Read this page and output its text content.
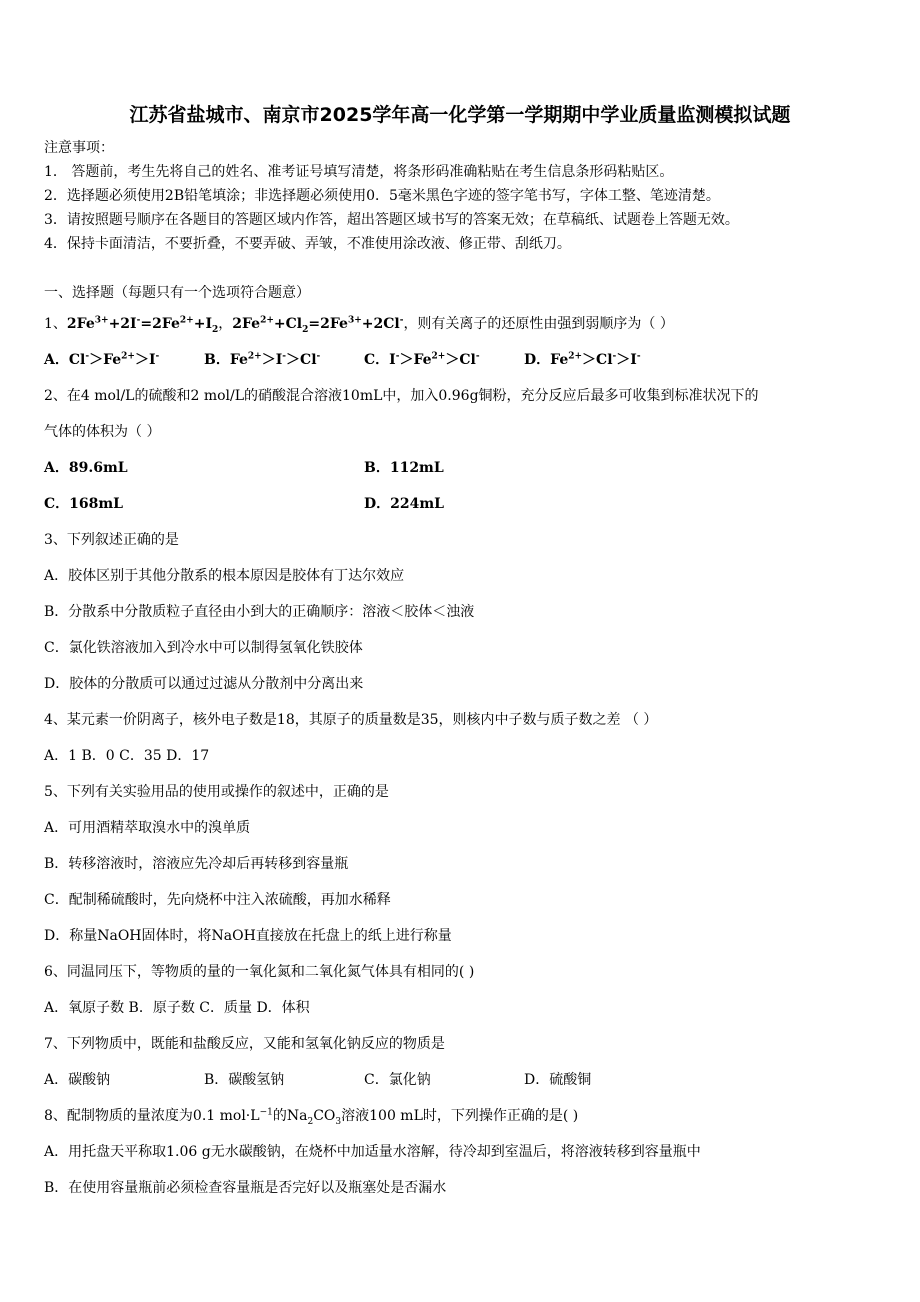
江苏省盐城市、南京市2025学年高一化学第一学期期中学业质量监测模拟试题
注意事项：
1． 答题前，考生先将自己的姓名、准考证号填写清楚，将条形码准确粘贴在考生信息条形码粘贴区。
2．选择题必须使用2B铅笔填涂；非选择题必须使用0．5毫米黑色字迹的签字笔书写，字体工整、笔迹清楚。
3．请按照题号顺序在各题目的答题区域内作答，超出答题区域书写的答案无效；在草稿纸、试题卷上答题无效。
4．保持卡面清洁，不要折叠，不要弄破、弄皱，不准使用涂改液、修正带、刮纸刀。
一、选择题（每题只有一个选项符合题意）
1、$2Fe^{3+}+2I^-=2Fe^{2+}+I_2$，$2Fe^{2+}+Cl_2=2Fe^{3+}+2Cl^-$，则有关离子的还原性由强到弱顺序为（ ）
A．$Cl^->Fe^{2+}>I^-$	B．$Fe^{2+}>I^->Cl^-$	C．$I^->Fe^{2+}>Cl^-$	D．$Fe^{2+}>Cl^->I^-$
2、在4 mol/L的硫酸和2 mol/L的硝酸混合溶液10mL中，加入0.96g铜粉，充分反应后最多可收集到标准状况下的
气体的体积为（ ）
A．89.6mL	B．112mL
C．168mL	D．224mL
3、下列叙述正确的是
A．胶体区别于其他分散系的根本原因是胶体有丁达尔效应
B．分散系中分散质粒子直径由小到大的正确顺序：溶液＜胶体＜浊液
C．氯化铁溶液加入到冷水中可以制得氢氧化铁胶体
D．胶体的分散质可以通过过滤从分散剂中分离出来
4、某元素一价阴离子，核外电子数是18，其原子的质量数是35，则核内中子数与质子数之差 （ ）
A．1 B．0 C．35 D．17
5、下列有关实验用品的使用或操作的叙述中，正确的是
A．可用酒精萃取溴水中的溴单质
B．转移溶液时，溶液应先冷却后再转移到容量瓶
C．配制稀硫酸时，先向烧杯中注入浓硫酸，再加水稀释
D．称量NaOH固体时，将NaOH直接放在托盘上的纸上进行称量
6、同温同压下，等物质的量的一氧化氮和二氧化氮气体具有相同的( )
A．氧原子数 B．原子数 C．质量 D．体积
7、下列物质中，既能和盐酸反应，又能和氢氧化钠反应的物质是
A．碳酸钠	B．碳酸氢钠	C．氯化钠	D．硫酸铜
8、配制物质的量浓度为0.1 $mol\cdot L^{-1}$的$Na_2CO_3$溶液100 mL时，下列操作正确的是( )
A．用托盘天平称取1.06 g无水碳酸钠，在烧杯中加适量水溶解，待冷却到室温后，将溶液转移到容量瓶中
B．在使用容量瓶前必须检查容量瓶是否完好以及瓶塞处是否漏水
